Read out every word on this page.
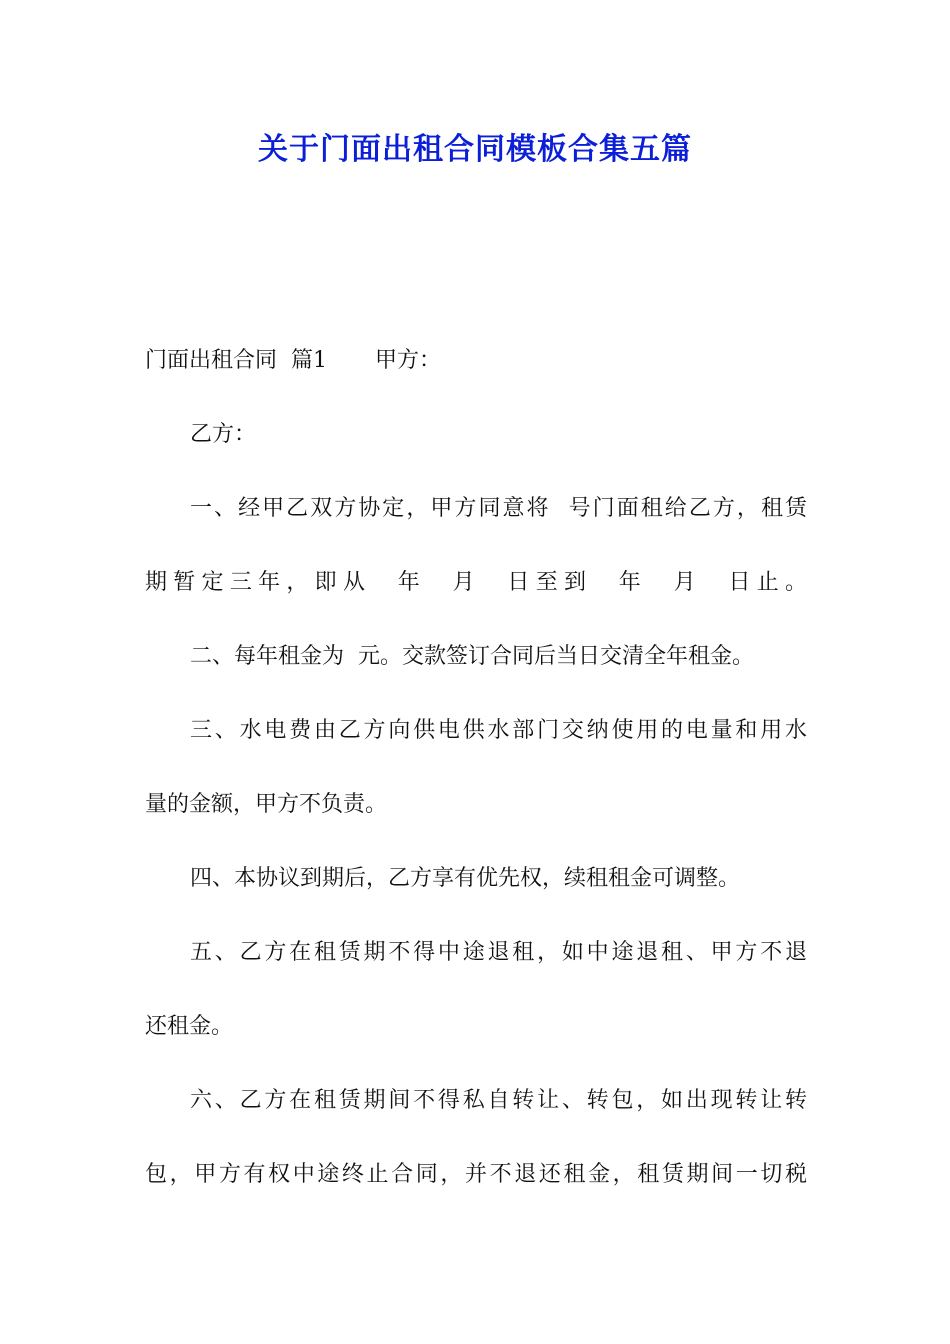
关于门面出租合同模板合集五篇
门面出租合同  篇1 甲方：
乙方：
一、经甲乙双方协定，甲方同意将  号门面租给乙方，租赁
期暂定三年，即从  年  月  日至到  年  月  日止。
二、每年租金为  元。交款签订合同后当日交清全年租金。
三、水电费由乙方向供电供水部门交纳使用的电量和用水
量的金额，甲方不负责。
四、本协议到期后，乙方享有优先权，续租租金可调整。
五、乙方在租赁期不得中途退租，如中途退租、甲方不退
还租金。
六、乙方在租赁期间不得私自转让、转包，如出现转让转
包，甲方有权中途终止合同，并不退还租金，租赁期间一切税
